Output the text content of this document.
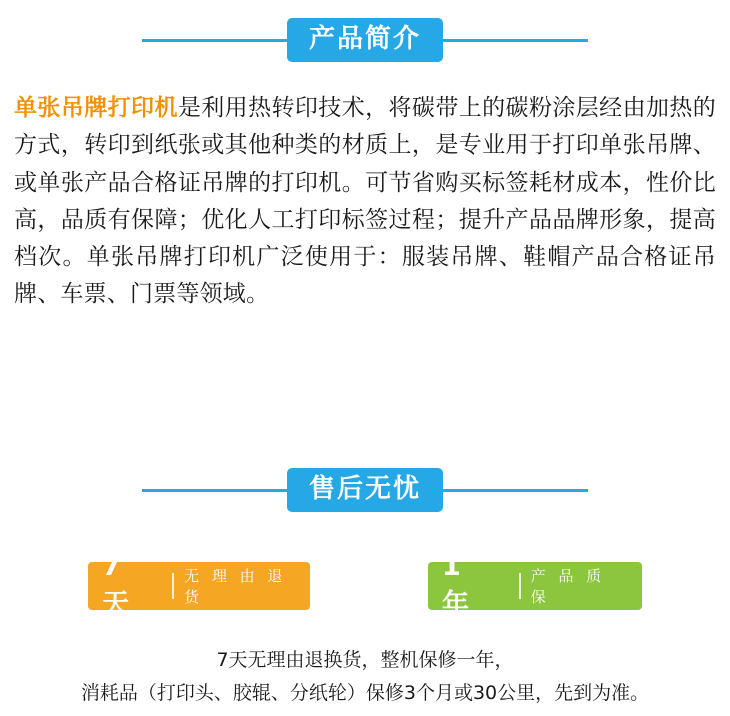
产品简介

单张吊牌打印机是利用热转印技术，将碳带上的碳粉涂层经由加热的方式，转印到纸张或其他种类的材质上，是专业用于打印单张吊牌、或单张产品合格证吊牌的打印机。可节省购买标签耗材成本，性价比高，品质有保障；优化人工打印标签过程；提升产品品牌形象，提高档次。单张吊牌打印机广泛使用于：服装吊牌、鞋帽产品合格证吊牌、车票、门票等领域。

售后无忧
7 天
无 理 由 退 货
1 年
产 品 质 保
7天无理由退换货，整机保修一年，
消耗品（打印头、胶辊、分纸轮）保修3个月或30公里，先到为准。
